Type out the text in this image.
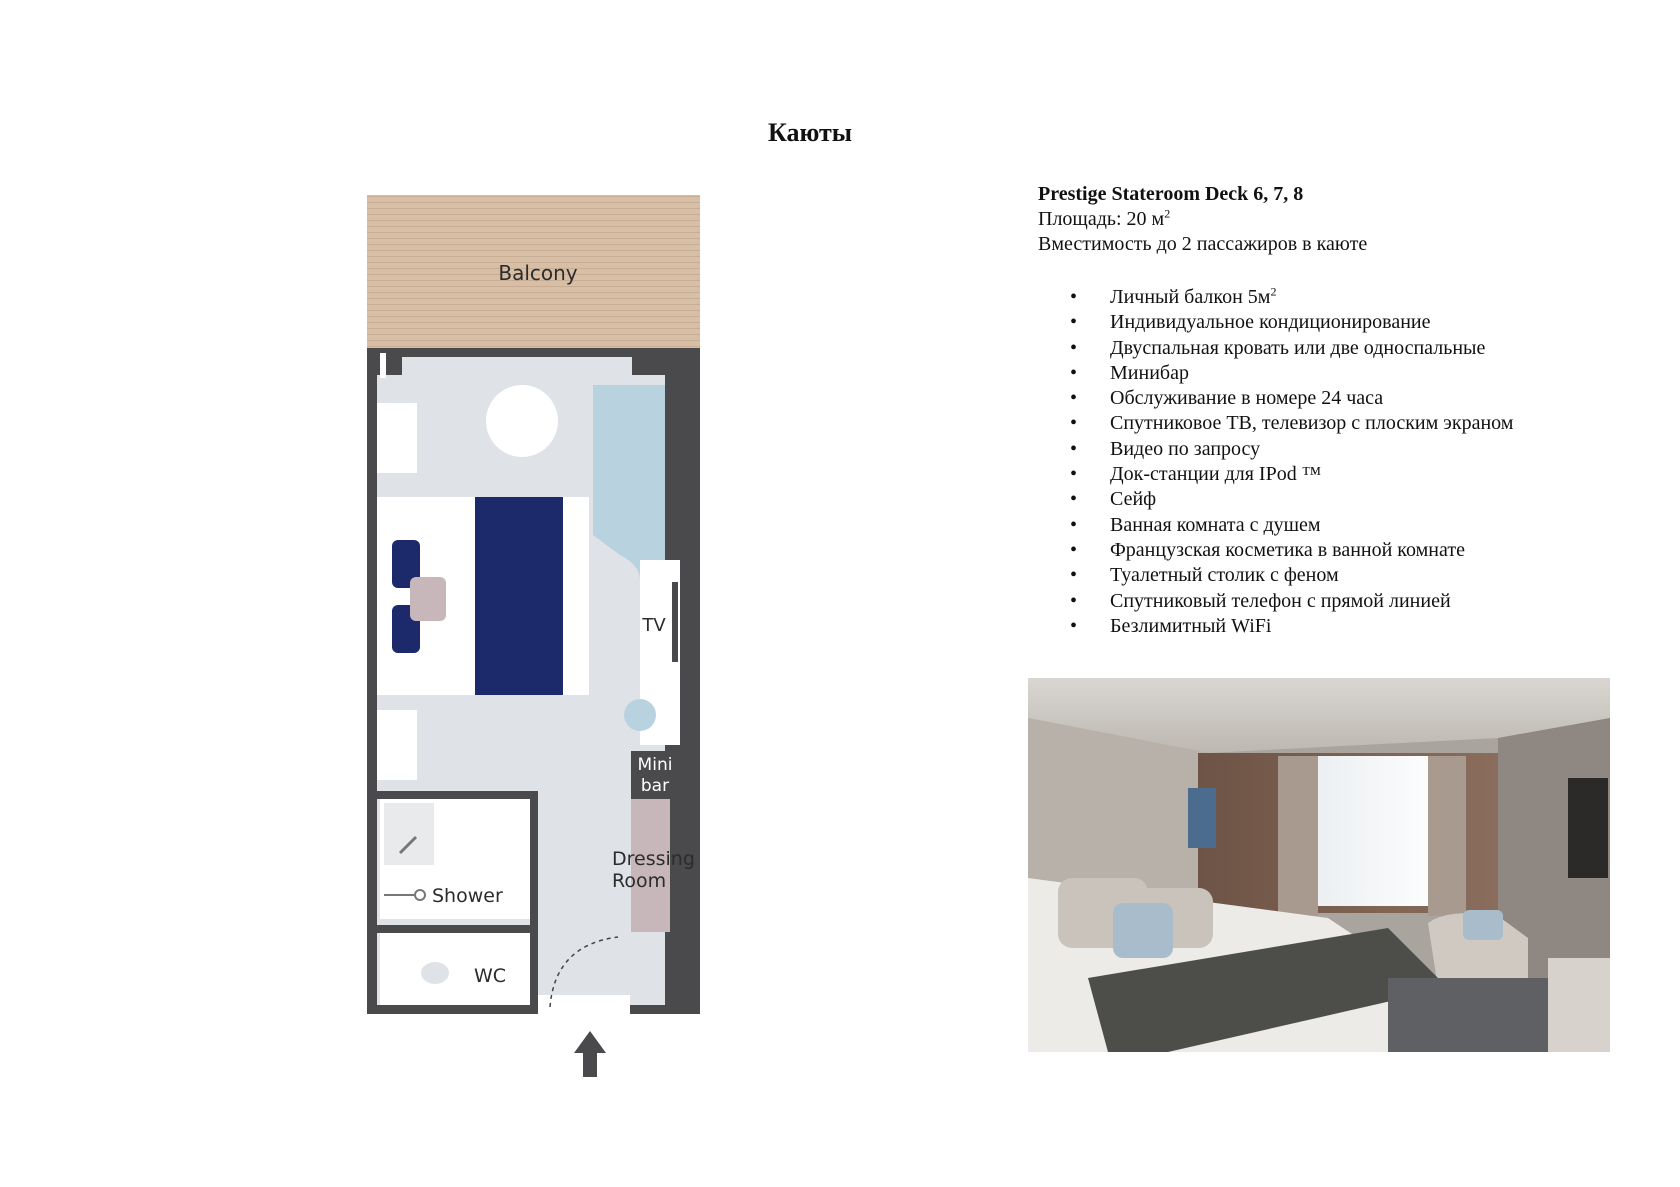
Каюты
Balcony
TV
Mini
bar
Dressing
Room
Shower
WC
Prestige Stateroom Deck 6, 7, 8
Площадь: 20 $м^2$
Вместимость до 2 пассажиров в каюте
• Личный балкон $5м^2$
• Индивидуальное кондиционирование
• Двуспальная кровать или две односпальные
• Минибар
• Обслуживание в номере 24 часа
• Спутниковое ТВ, телевизор с плоским экраном
• Видео по запросу
• Док-станции для IPod ™
• Сейф
• Ванная комната с душем
• Французская косметика в ванной комнате
• Туалетный столик с феном
• Спутниковый телефон с прямой линией
• Безлимитный WiFi
